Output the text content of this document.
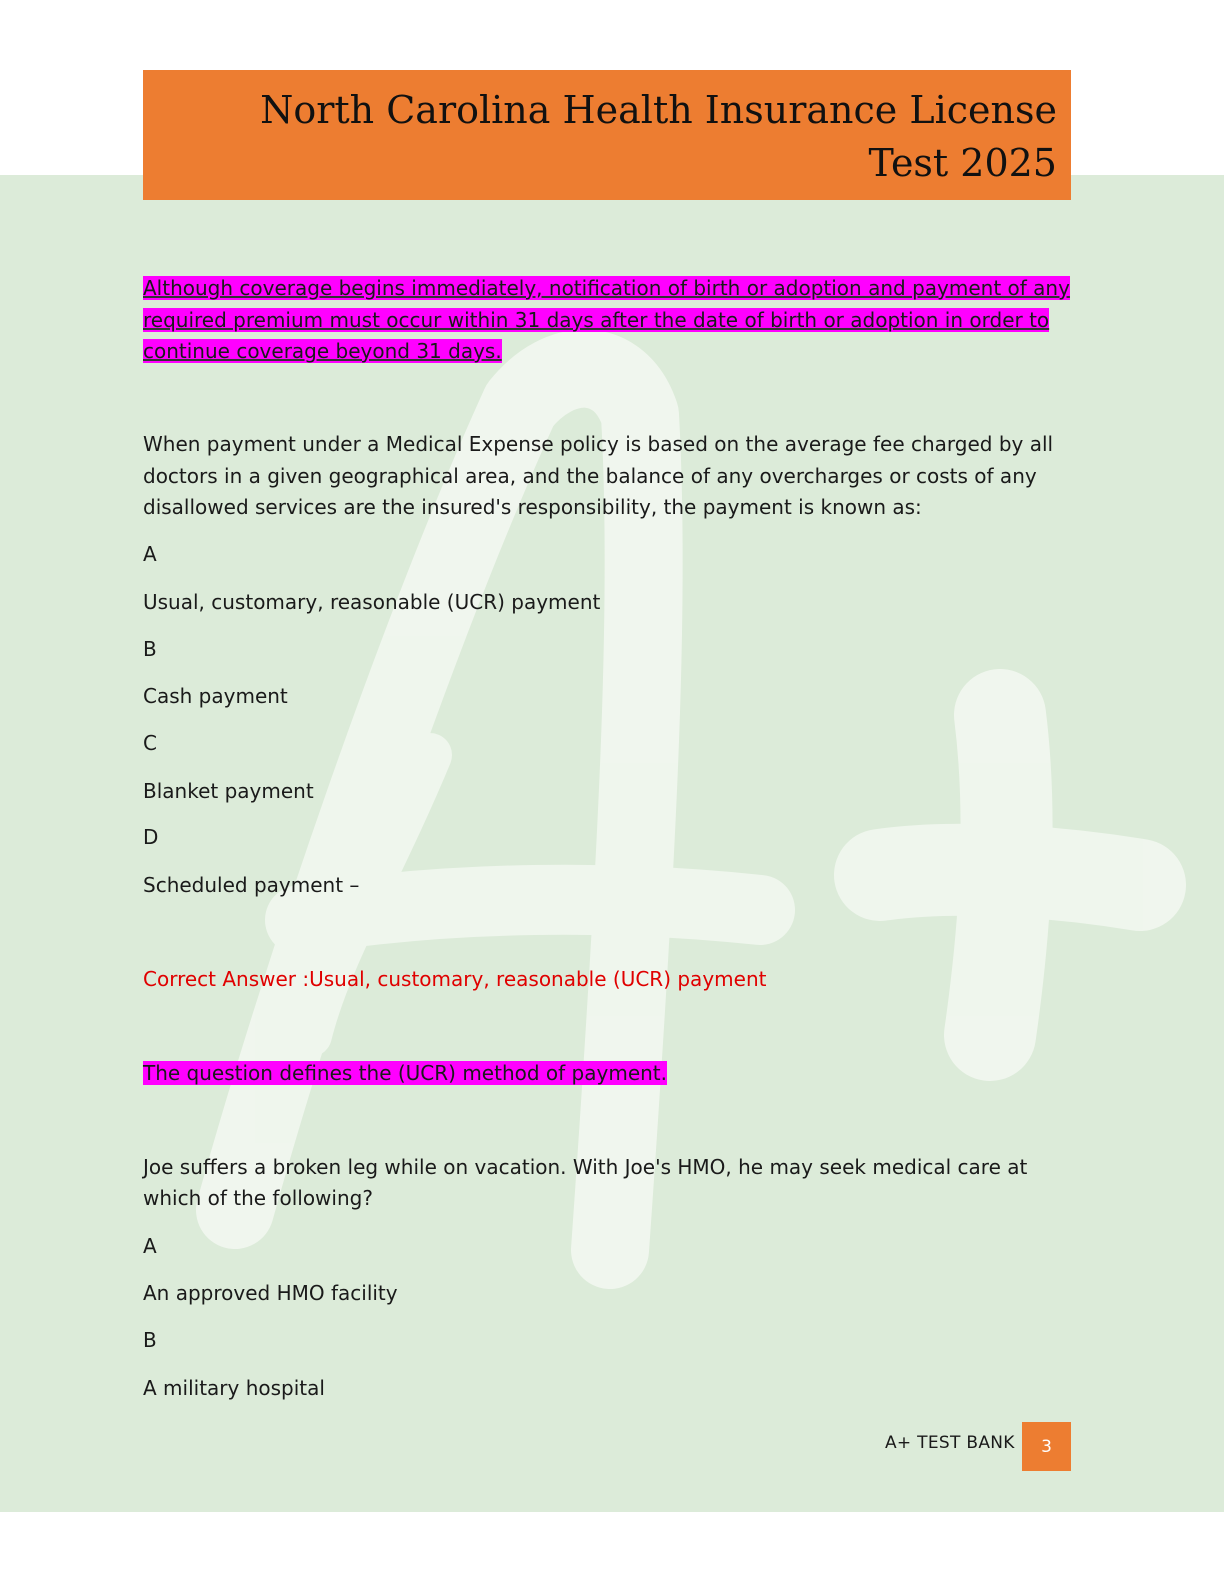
North Carolina Health Insurance License
Test 2025
Although coverage begins immediately, notification of birth or adoption and payment of any
required premium must occur within 31 days after the date of birth or adoption in order to
continue coverage beyond 31 days.
When payment under a Medical Expense policy is based on the average fee charged by all
doctors in a given geographical area, and the balance of any overcharges or costs of any
disallowed services are the insured's responsibility, the payment is known as:
A
Usual, customary, reasonable (UCR) payment
B
Cash payment
C
Blanket payment
D
Scheduled payment –
Correct Answer :Usual, customary, reasonable (UCR) payment
The question defines the (UCR) method of payment.
Joe suffers a broken leg while on vacation. With Joe's HMO, he may seek medical care at
which of the following?
A
An approved HMO facility
B
A military hospital
A+ TEST BANK	3
